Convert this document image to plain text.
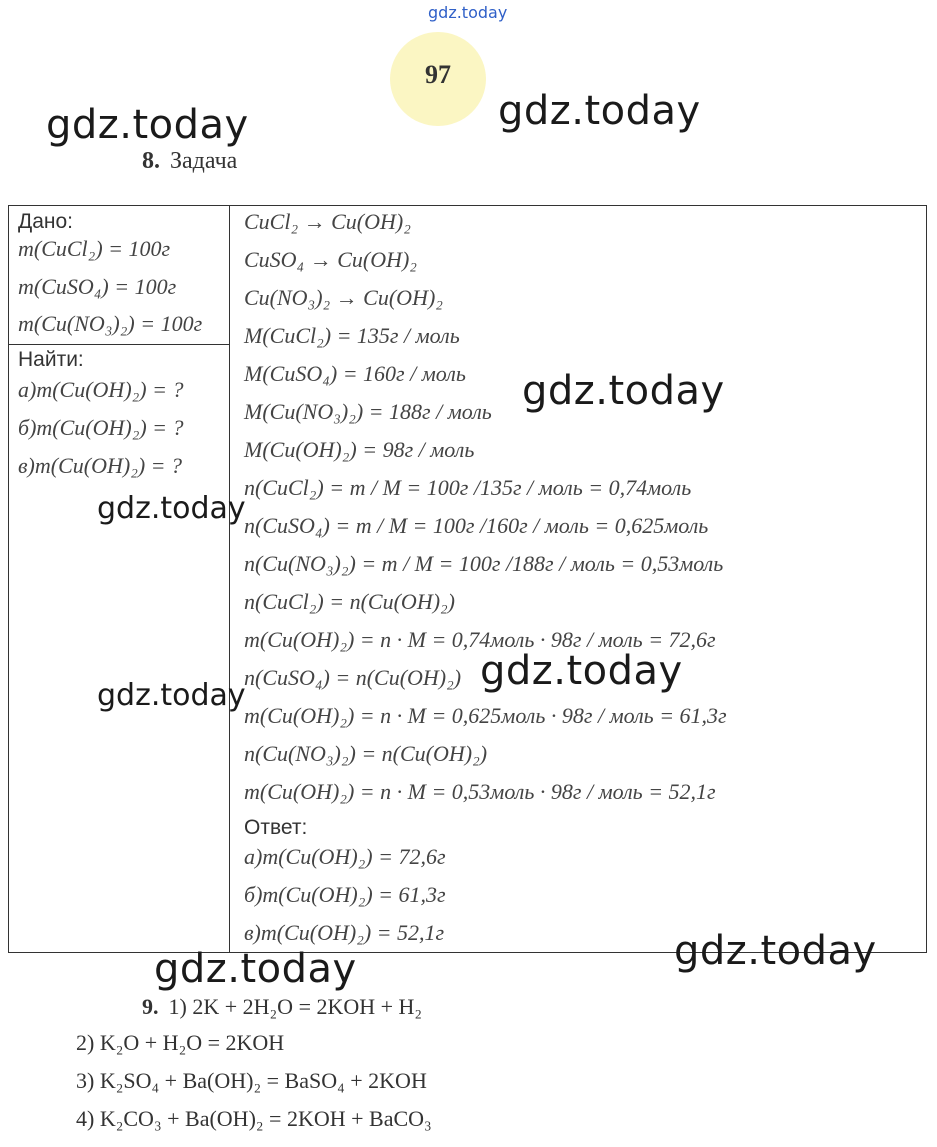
gdz.today
97
gdz.today	gdz.today
8. Задача
Дано:
m(CuCl₂) = 100г
m(CuSO₄) = 100г
m(Cu(NO₃)₂) = 100г
Найти:
а)m(Cu(OH)₂) = ?
б)m(Cu(OH)₂) = ?
в)m(Cu(OH)₂) = ?
CuCl₂ → Cu(OH)₂
CuSO₄ → Cu(OH)₂
Cu(NO₃)₂ → Cu(OH)₂
M(CuCl₂) = 135г / моль
M(CuSO₄) = 160г / моль
M(Cu(NO₃)₂) = 188г / моль
M(Cu(OH)₂) = 98г / моль
n(CuCl₂) = m / M = 100г /135г / моль = 0,74моль
n(CuSO₄) = m / M = 100г /160г / моль = 0,625моль
n(Cu(NO₃)₂) = m / M = 100г /188г / моль = 0,53моль
n(CuCl₂) = n(Cu(OH)₂)
m(Cu(OH)₂) = n · M = 0,74моль · 98г / моль = 72,6г
n(CuSO₄) = n(Cu(OH)₂)
m(Cu(OH)₂) = n · M = 0,625моль · 98г / моль = 61,3г
n(Cu(NO₃)₂) = n(Cu(OH)₂)
m(Cu(OH)₂) = n · M = 0,53моль · 98г / моль = 52,1г
Ответ:
а)m(Cu(OH)₂) = 72,6г
б)m(Cu(OH)₂) = 61,3г
в)m(Cu(OH)₂) = 52,1г
gdz.today
gdz.today
gdz.today
gdz.today
gdz.today
gdz.today
9. 1) 2K + 2H₂O = 2KOH + H₂
2) K₂O + H₂O = 2KOH
3) K₂SO₄ + Ba(OH)₂ = BaSO₄ + 2KOH
4) K₂CO₃ + Ba(OH)₂ = 2KOH + BaCO₃
